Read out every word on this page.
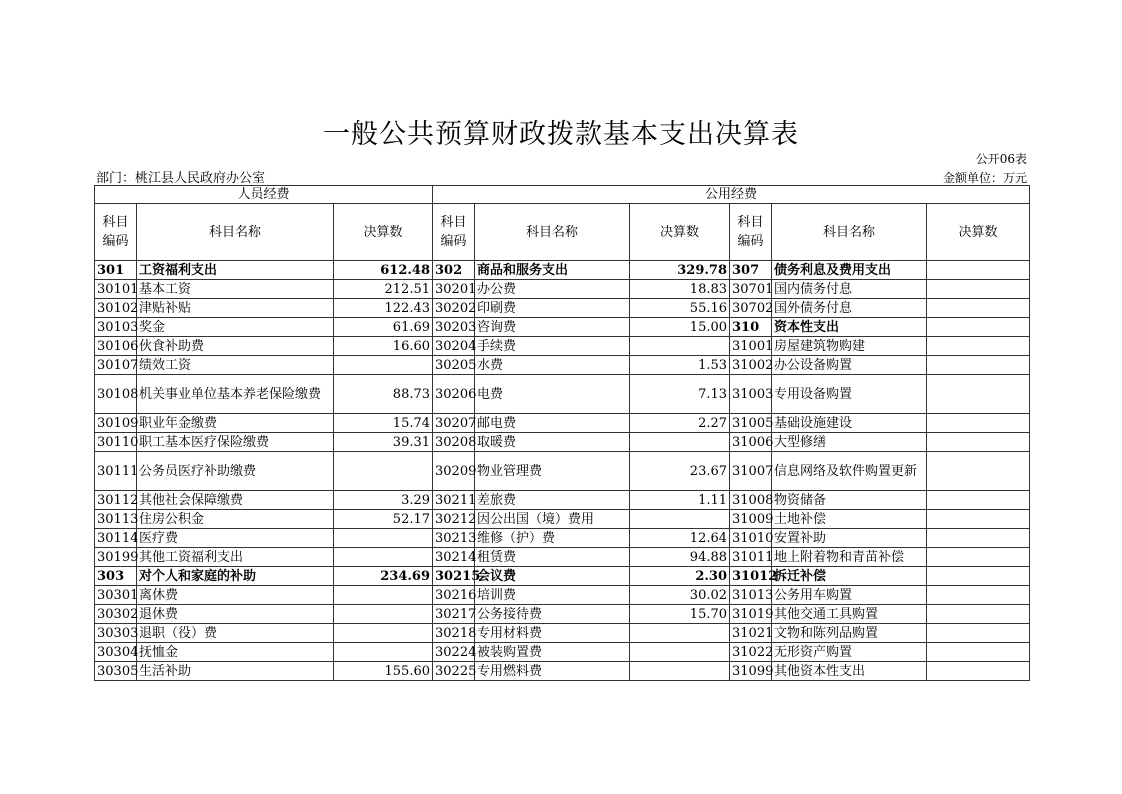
一般公共预算财政拨款基本支出决算表
公开06表
部门：桃江县人民政府办公室	金额单位：万元
人员经费			公用经费					
科目编码	科目名称	决算数	科目编码	科目名称	决算数	科目编码	科目名称	决算数
301	工资福利支出	612.48	302	商品和服务支出	329.78	307	债务利息及费用支出	
30101	基本工资	212.51	30201	办公费	18.83	30701	国内债务付息	
30102	津贴补贴	122.43	30202	印刷费	55.16	30702	国外债务付息	
30103	奖金	61.69	30203	咨询费	15.00	310	资本性支出	
30106	伙食补助费	16.60	30204	手续费		31001	房屋建筑物购建	
30107	绩效工资		30205	水费	1.53	31002	办公设备购置	
30108	机关事业单位基本养老保险缴费	88.73	30206	电费	7.13	31003	专用设备购置	
30109	职业年金缴费	15.74	30207	邮电费	2.27	31005	基础设施建设	
30110	职工基本医疗保险缴费	39.31	30208	取暖费		31006	大型修缮	
30111	公务员医疗补助缴费		30209	物业管理费	23.67	31007	信息网络及软件购置更新	
30112	其他社会保障缴费	3.29	30211	差旅费	1.11	31008	物资储备	
30113	住房公积金	52.17	30212	因公出国（境）费用		31009	土地补偿	
30114	医疗费		30213	维修（护）费	12.64	31010	安置补助	
30199	其他工资福利支出		30214	租赁费	94.88	31011	地上附着物和青苗补偿	
303	对个人和家庭的补助	234.69	30215	会议费	2.30	31012	拆迁补偿	
30301	离休费		30216	培训费	30.02	31013	公务用车购置	
30302	退休费		30217	公务接待费	15.70	31019	其他交通工具购置	
30303	退职（役）费		30218	专用材料费		31021	文物和陈列品购置	
30304	抚恤金		30224	被装购置费		31022	无形资产购置	
30305	生活补助	155.60	30225	专用燃料费		31099	其他资本性支出	
